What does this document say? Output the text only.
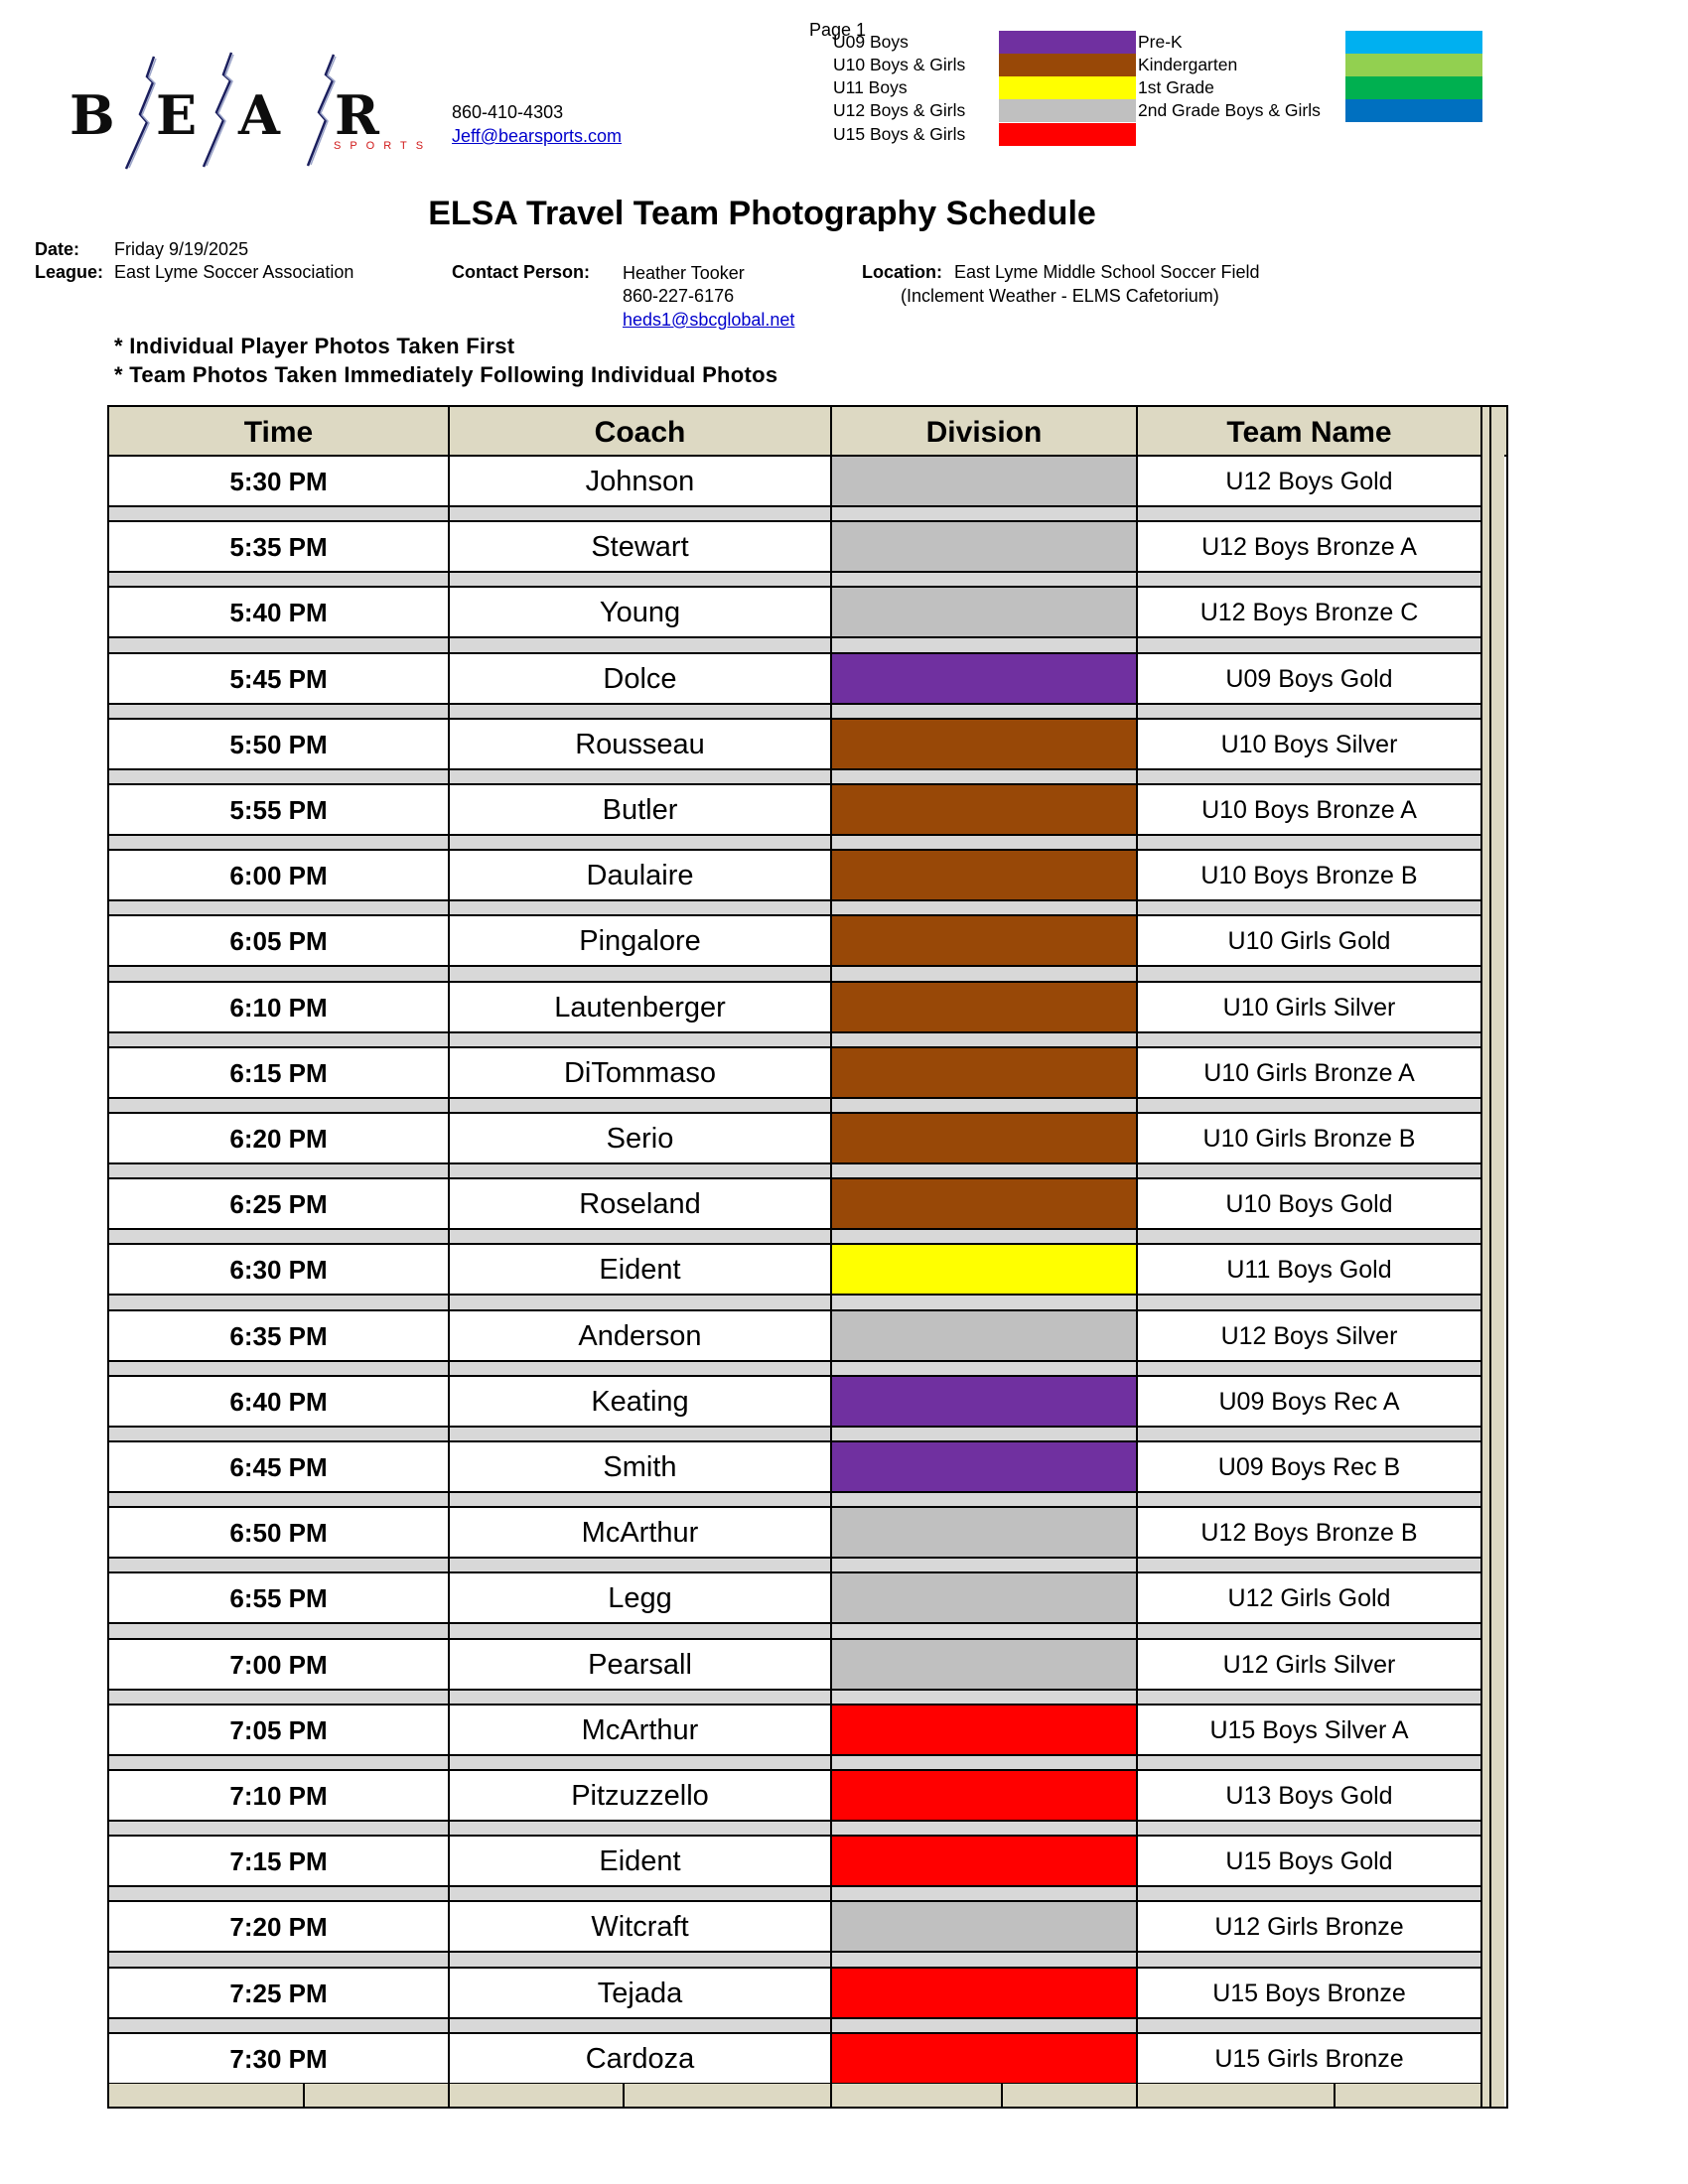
B E A R
SPORTS
860-410-4303
Jeff@bearsports.com
Page 1
U09 Boys
U10 Boys & Girls
U11 Boys
U12 Boys & Girls
U15 Boys & Girls
Pre-K
Kindergarten
1st Grade
2nd Grade Boys & Girls
ELSA Travel Team Photography Schedule
Date: Friday 9/19/2025
League: East Lyme Soccer Association	Contact Person: Heather Tooker
860-227-6176
heds1@sbcglobal.net
Location: East Lyme Middle School Soccer Field
(Inclement Weather - ELMS Cafetorium)
* Individual Player Photos Taken First
* Team Photos Taken Immediately Following Individual Photos
Time	Coach	Division	Team Name
5:30 PM	Johnson	U12 Boys Gold
5:35 PM	Stewart	U12 Boys Bronze A
5:40 PM	Young	U12 Boys Bronze C
5:45 PM	Dolce	U09 Boys Gold
5:50 PM	Rousseau	U10 Boys Silver
5:55 PM	Butler	U10 Boys Bronze A
6:00 PM	Daulaire	U10 Boys Bronze B
6:05 PM	Pingalore	U10 Girls Gold
6:10 PM	Lautenberger	U10 Girls Silver
6:15 PM	DiTommaso	U10 Girls Bronze A
6:20 PM	Serio	U10 Girls Bronze B
6:25 PM	Roseland	U10 Boys Gold
6:30 PM	Eident	U11 Boys Gold
6:35 PM	Anderson	U12 Boys Silver
6:40 PM	Keating	U09 Boys Rec A
6:45 PM	Smith	U09 Boys Rec B
6:50 PM	McArthur	U12 Boys Bronze B
6:55 PM	Legg	U12 Girls Gold
7:00 PM	Pearsall	U12 Girls Silver
7:05 PM	McArthur	U15 Boys Silver A
7:10 PM	Pitzuzzello	U13 Boys Gold
7:15 PM	Eident	U15 Boys Gold
7:20 PM	Witcraft	U12 Girls Bronze
7:25 PM	Tejada	U15 Boys Bronze
7:30 PM	Cardoza	U15 Girls Bronze
